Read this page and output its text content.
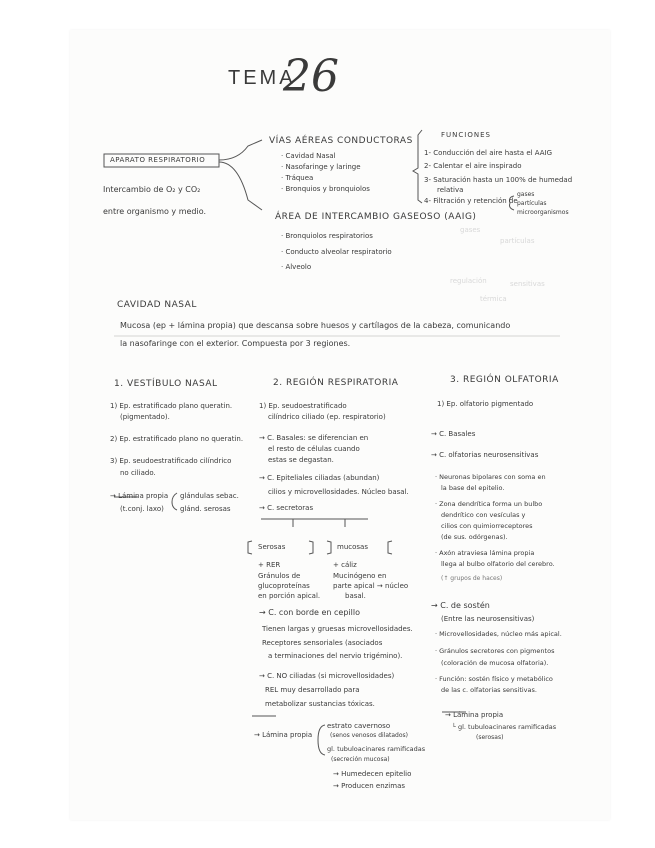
TEMA
26
APARATO RESPIRATORIO
Intercambio de O₂ y CO₂
entre organismo y medio.
VÍAS AÉREAS CONDUCTORAS
· Cavidad Nasal
· Nasofaringe y laringe
· Tráquea
· Bronquios y bronquiolos
FUNCIONES
1- Conducción del aire hasta el AAIG
2- Calentar el aire inspirado
3- Saturación hasta un 100% de humedad
relativa
4- Filtración y retención de
gases
partículas
microorganismos
ÁREA DE INTERCAMBIO GASEOSO (AAIG)
· Bronquiolos respiratorios
· Conducto alveolar respiratorio
· Alveolo
gases
partículas
sensitivas
regulación
térmica
CAVIDAD NASAL
Mucosa (ep + lámina propia) que descansa sobre huesos y cartílagos de la cabeza, comunicando
la nasofaringe con el exterior. Compuesta por 3 regiones.
1. VESTÍBULO NASAL
1) Ep. estratificado plano queratin.
(pigmentado).
2) Ep. estratificado plano no queratin.
3) Ep. seudoestratificado cilíndrico
no ciliado.
→ Lámina propia
(t.conj. laxo)
glándulas sebac.
glánd. serosas
2. REGIÓN RESPIRATORIA
1) Ep. seudoestratificado
cilíndrico ciliado (ep. respiratorio)
→ C. Basales: se diferencian en
el resto de células cuando
estas se degastan.
→ C. Epiteliales ciliadas (abundan)
cilios y microvellosidades. Núcleo basal.
→ C. secretoras
Serosas	mucosas
+ RER
Gránulos de
glucoproteínas
en porción apical.
+ cáliz
Mucinógeno en
parte apical → núcleo
basal.
→ C. con borde en cepillo
Tienen largas y gruesas microvellosidades.
Receptores sensoriales (asociados
a terminaciones del nervio trigémino).
→ C. NO ciliadas (si microvellosidades)
REL muy desarrollado para
metabolizar sustancias tóxicas.
→ Lámina propia
estrato cavernoso
(senos venosos dilatados)
gl. tubuloacinares ramificadas
(secreción mucosa)
→ Humedecen epitelio
→ Producen enzimas
3. REGIÓN OLFATORIA
1) Ep. olfatorio pigmentado
→ C. Basales
→ C. olfatorias neurosensitivas
· Neuronas bipolares con soma en
la base del epitelio.
· Zona dendrítica forma un bulbo
dendrítico con vesículas y
cilios con quimiorreceptores
(de sus. odórgenas).
· Axón atraviesa lámina propia
llega al bulbo olfatorio del cerebro.
(↑ grupos de haces)
→ C. de sostén
(Entre las neurosensitivas)
· Microvellosidades, núcleo más apical.
· Gránulos secretores con pigmentos
(coloración de mucosa olfatoria).
· Función: sostén físico y metabólico
de las c. olfatorias sensitivas.
→ Lámina propia
└ gl. tubuloacinares ramificadas
(serosas)
